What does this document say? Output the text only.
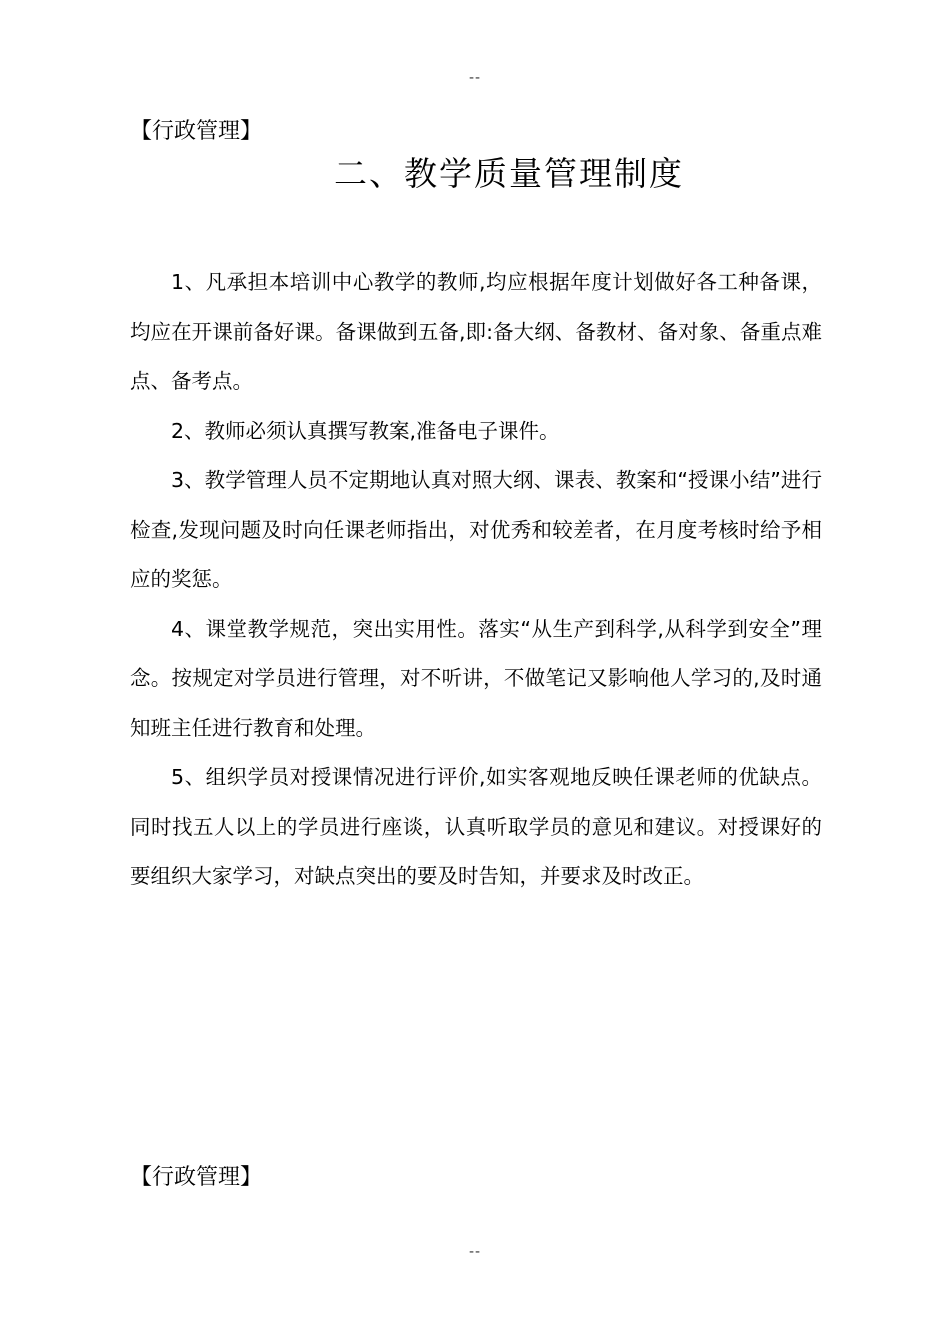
--
【行政管理】
二、教学质量管理制度

1、凡承担本培训中心教学的教师,均应根据年度计划做好各工种备课，均应在开课前备好课。备课做到五备,即:备大纲、备教材、备对象、备重点难点、备考点。

2、教师必须认真撰写教案,准备电子课件。

3、教学管理人员不定期地认真对照大纲、课表、教案和“授课小结”进行检查,发现问题及时向任课老师指出，对优秀和较差者，在月度考核时给予相应的奖惩。

4、课堂教学规范，突出实用性。落实“从生产到科学,从科学到安全”理念。按规定对学员进行管理，对不听讲，不做笔记又影响他人学习的,及时通知班主任进行教育和处理。

5、组织学员对授课情况进行评价,如实客观地反映任课老师的优缺点。同时找五人以上的学员进行座谈，认真听取学员的意见和建议。对授课好的要组织大家学习，对缺点突出的要及时告知，并要求及时改正。

【行政管理】
--
